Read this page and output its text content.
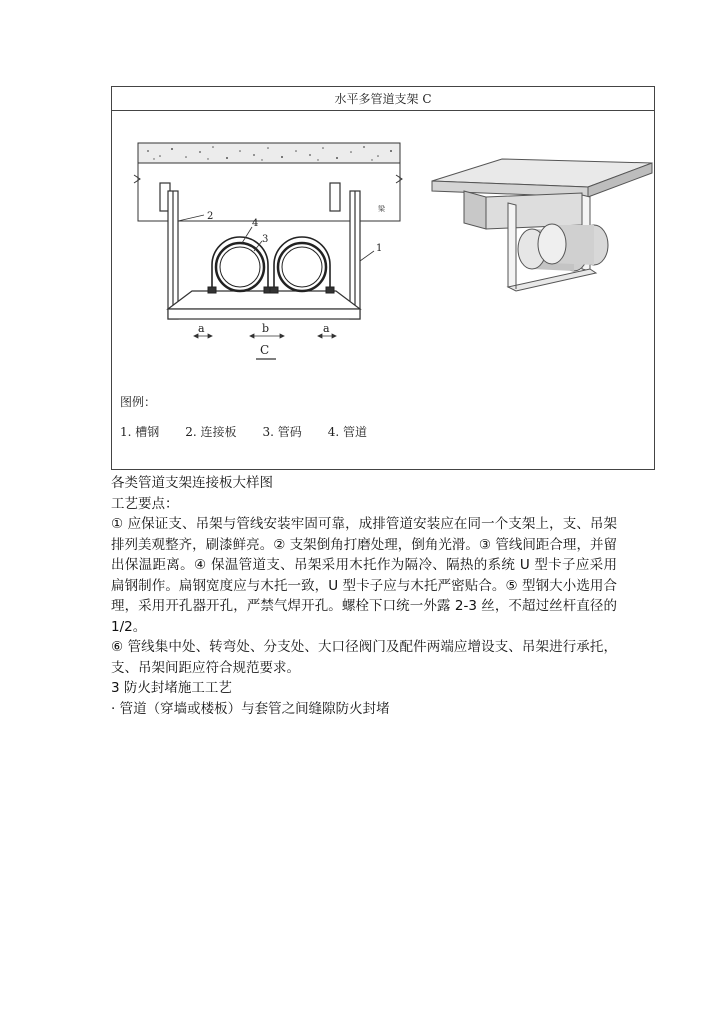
水平多管道支架 C
2
4
3
1
梁
a	b	a
C
图例：
1. 槽钢 2. 连接板 3. 管码 4. 管道

各类管道支架连接板大样图

工艺要点：

① 应保证支、吊架与管线安装牢固可靠，成排管道安装应在同一个支架上，支、吊架排列美观整齐，刷漆鲜亮。② 支架倒角打磨处理，倒角光滑。③ 管线间距合理，并留出保温距离。④ 保温管道支、吊架采用木托作为隔冷、隔热的系统 U 型卡子应采用扁钢制作。扁钢宽度应与木托一致，U 型卡子应与木托严密贴合。⑤ 型钢大小选用合理，采用开孔器开孔，严禁气焊开孔。螺栓下口统一外露 2-3 丝，不超过丝杆直径的 1/2。

⑥ 管线集中处、转弯处、分支处、大口径阀门及配件两端应增设支、吊架进行承托，支、吊架间距应符合规范要求。

3 防火封堵施工工艺

· 管道（穿墙或楼板）与套管之间缝隙防火封堵
